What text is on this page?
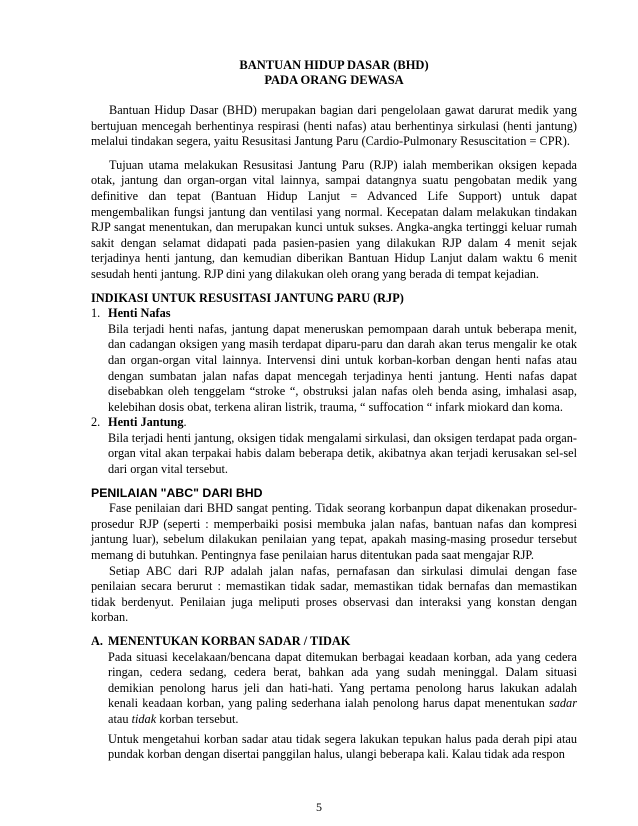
BANTUAN HIDUP DASAR (BHD)
PADA ORANG DEWASA

Bantuan Hidup Dasar (BHD) merupakan bagian dari pengelolaan gawat darurat medik yang bertujuan mencegah berhentinya respirasi (henti nafas) atau berhentinya sirkulasi (henti jantung) melalui tindakan segera, yaitu Resusitasi Jantung Paru (Cardio-Pulmonary Resuscitation = CPR).

Tujuan utama melakukan Resusitasi Jantung Paru (RJP) ialah memberikan oksigen kepada otak, jantung dan organ-organ vital lainnya, sampai datangnya suatu pengobatan medik yang definitive dan tepat (Bantuan Hidup Lanjut = Advanced Life Support) untuk dapat mengembalikan fungsi jantung dan ventilasi yang normal. Kecepatan dalam melakukan tindakan RJP sangat menentukan, dan merupakan kunci untuk sukses. Angka-angka tertinggi keluar rumah sakit dengan selamat didapati pada pasien-pasien yang dilakukan RJP dalam 4 menit sejak terjadinya henti jantung, dan kemudian diberikan Bantuan Hidup Lanjut dalam waktu 6 menit sesudah henti jantung. RJP dini yang dilakukan oleh orang yang berada di tempat kejadian.

INDIKASI UNTUK RESUSITASI JANTUNG PARU (RJP)

1. Henti Nafas
Bila terjadi henti nafas, jantung dapat meneruskan pemompaan darah untuk beberapa menit, dan cadangan oksigen yang masih terdapat diparu-paru dan darah akan terus mengalir ke otak dan organ-organ vital lainnya. Intervensi dini untuk korban-korban dengan henti nafas atau dengan sumbatan jalan nafas dapat mencegah terjadinya henti jantung. Henti nafas dapat disebabkan oleh tenggelam “stroke “, obstruksi jalan nafas oleh benda asing, imhalasi asap, kelebihan dosis obat, terkena aliran listrik, trauma, “ suffocation “ infark miokard dan koma.
2. Henti Jantung.
Bila terjadi henti jantung, oksigen tidak mengalami sirkulasi, dan oksigen terdapat pada organ-organ vital akan terpakai habis dalam beberapa detik, akibatnya akan terjadi kerusakan sel-sel dari organ vital tersebut.

PENILAIAN "ABC" DARI BHD

Fase penilaian dari BHD sangat penting. Tidak seorang korbanpun dapat dikenakan prosedur-prosedur RJP (seperti : memperbaiki posisi membuka jalan nafas, bantuan nafas dan kompresi jantung luar), sebelum dilakukan penilaian yang tepat, apakah masing-masing prosedur tersebut memang di butuhkan. Pentingnya fase penilaian harus ditentukan pada saat mengajar RJP.

Setiap ABC dari RJP adalah jalan nafas, pernafasan dan sirkulasi dimulai dengan fase penilaian secara berurut : memastikan tidak sadar, memastikan tidak bernafas dan memastikan tidak berdenyut. Penilaian juga meliputi proses observasi dan interaksi yang konstan dengan korban.

A. MENENTUKAN KORBAN SADAR / TIDAK
Pada situasi kecelakaan/bencana dapat ditemukan berbagai keadaan korban, ada yang cedera ringan, cedera sedang, cedera berat, bahkan ada yang sudah meninggal. Dalam situasi demikian penolong harus jeli dan hati-hati. Yang pertama penolong harus lakukan adalah kenali keadaan korban, yang paling sederhana ialah penolong harus dapat menentukan sadar atau tidak korban tersebut.
Untuk mengetahui korban sadar atau tidak segera lakukan tepukan halus pada derah pipi atau pundak korban dengan disertai panggilan halus, ulangi beberapa kali. Kalau tidak ada respon
5
